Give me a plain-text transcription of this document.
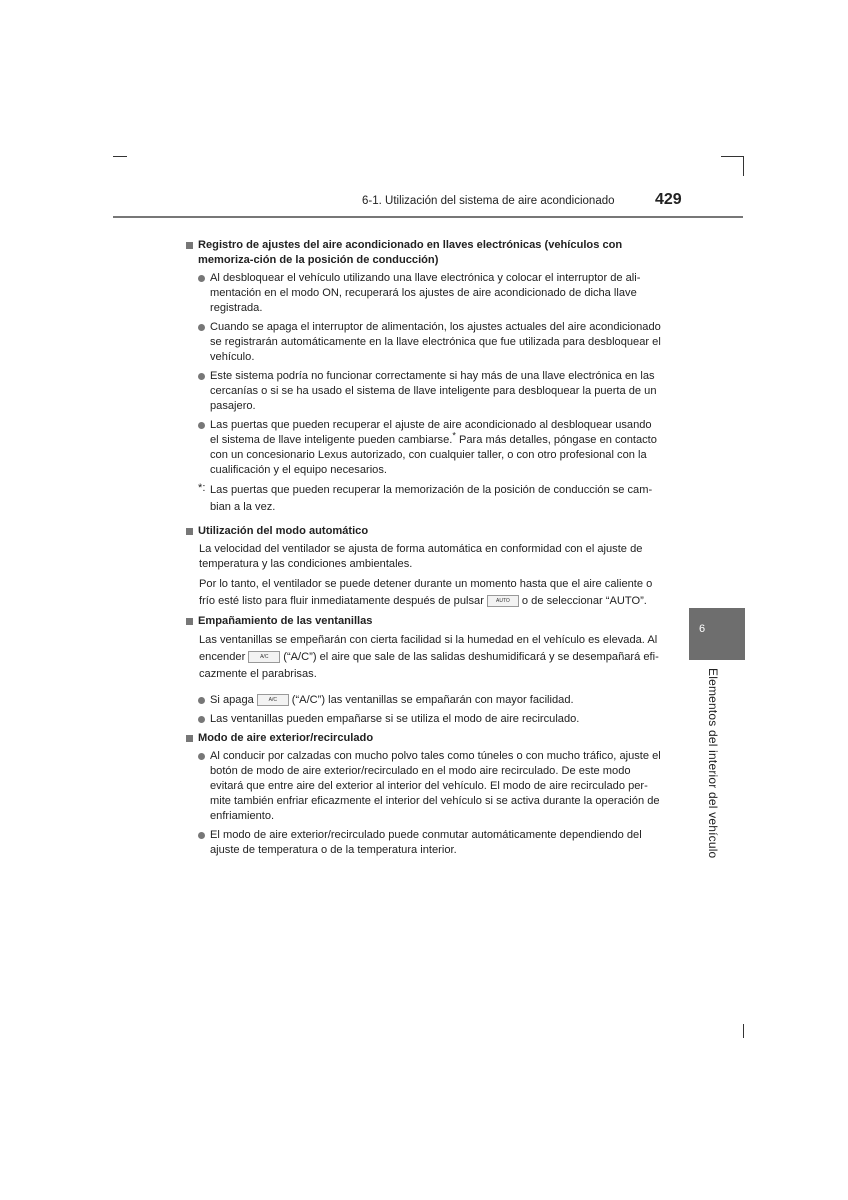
6-1. Utilización del sistema de aire acondicionado	429
6
Elementos del interior del vehículo
Registro de ajustes del aire acondicionado en llaves electrónicas (vehículos con memoriza-ción de la posición de conducción)
Al desbloquear el vehículo utilizando una llave electrónica y colocar el interruptor de ali-mentación en el modo ON, recuperará los ajustes de aire acondicionado de dicha llave registrada.
Cuando se apaga el interruptor de alimentación, los ajustes actuales del aire acondicionado se registrarán automáticamente en la llave electrónica que fue utilizada para desbloquear el vehículo.
Este sistema podría no funcionar correctamente si hay más de una llave electrónica en las cercanías o si se ha usado el sistema de llave inteligente para desbloquear la puerta de un pasajero.
Las puertas que pueden recuperar el ajuste de aire acondicionado al desbloquear usando el sistema de llave inteligente pueden cambiarse.* Para más detalles, póngase en contacto con un concesionario Lexus autorizado, con cualquier taller, o con otro profesional con la cualificación y el equipo necesarios.
*: Las puertas que pueden recuperar la memorización de la posición de conducción se cam-bian a la vez.
Utilización del modo automático
La velocidad del ventilador se ajusta de forma automática en conformidad con el ajuste de temperatura y las condiciones ambientales.
Por lo tanto, el ventilador se puede detener durante un momento hasta que el aire caliente o frío esté listo para fluir inmediatamente después de pulsar AUTO o de seleccionar “AUTO”.
Empañamiento de las ventanillas
Las ventanillas se empeñarán con cierta facilidad si la humedad en el vehículo es elevada. Al encender	A/C (“A/C”) el aire que sale de las salidas deshumidificará y se desempañará efi-cazmente el parabrisas.
Si apaga	A/C (“A/C”) las ventanillas se empañarán con mayor facilidad.
Las ventanillas pueden empañarse si se utiliza el modo de aire recirculado.
Modo de aire exterior/recirculado
Al conducir por calzadas con mucho polvo tales como túneles o con mucho tráfico, ajuste el botón de modo de aire exterior/recirculado en el modo aire recirculado. De este modo evitará que entre aire del exterior al interior del vehículo. El modo de aire recirculado per-mite también enfriar eficazmente el interior del vehículo si se activa durante la operación de enfriamiento.
El modo de aire exterior/recirculado puede conmutar automáticamente dependiendo del ajuste de temperatura o de la temperatura interior.
